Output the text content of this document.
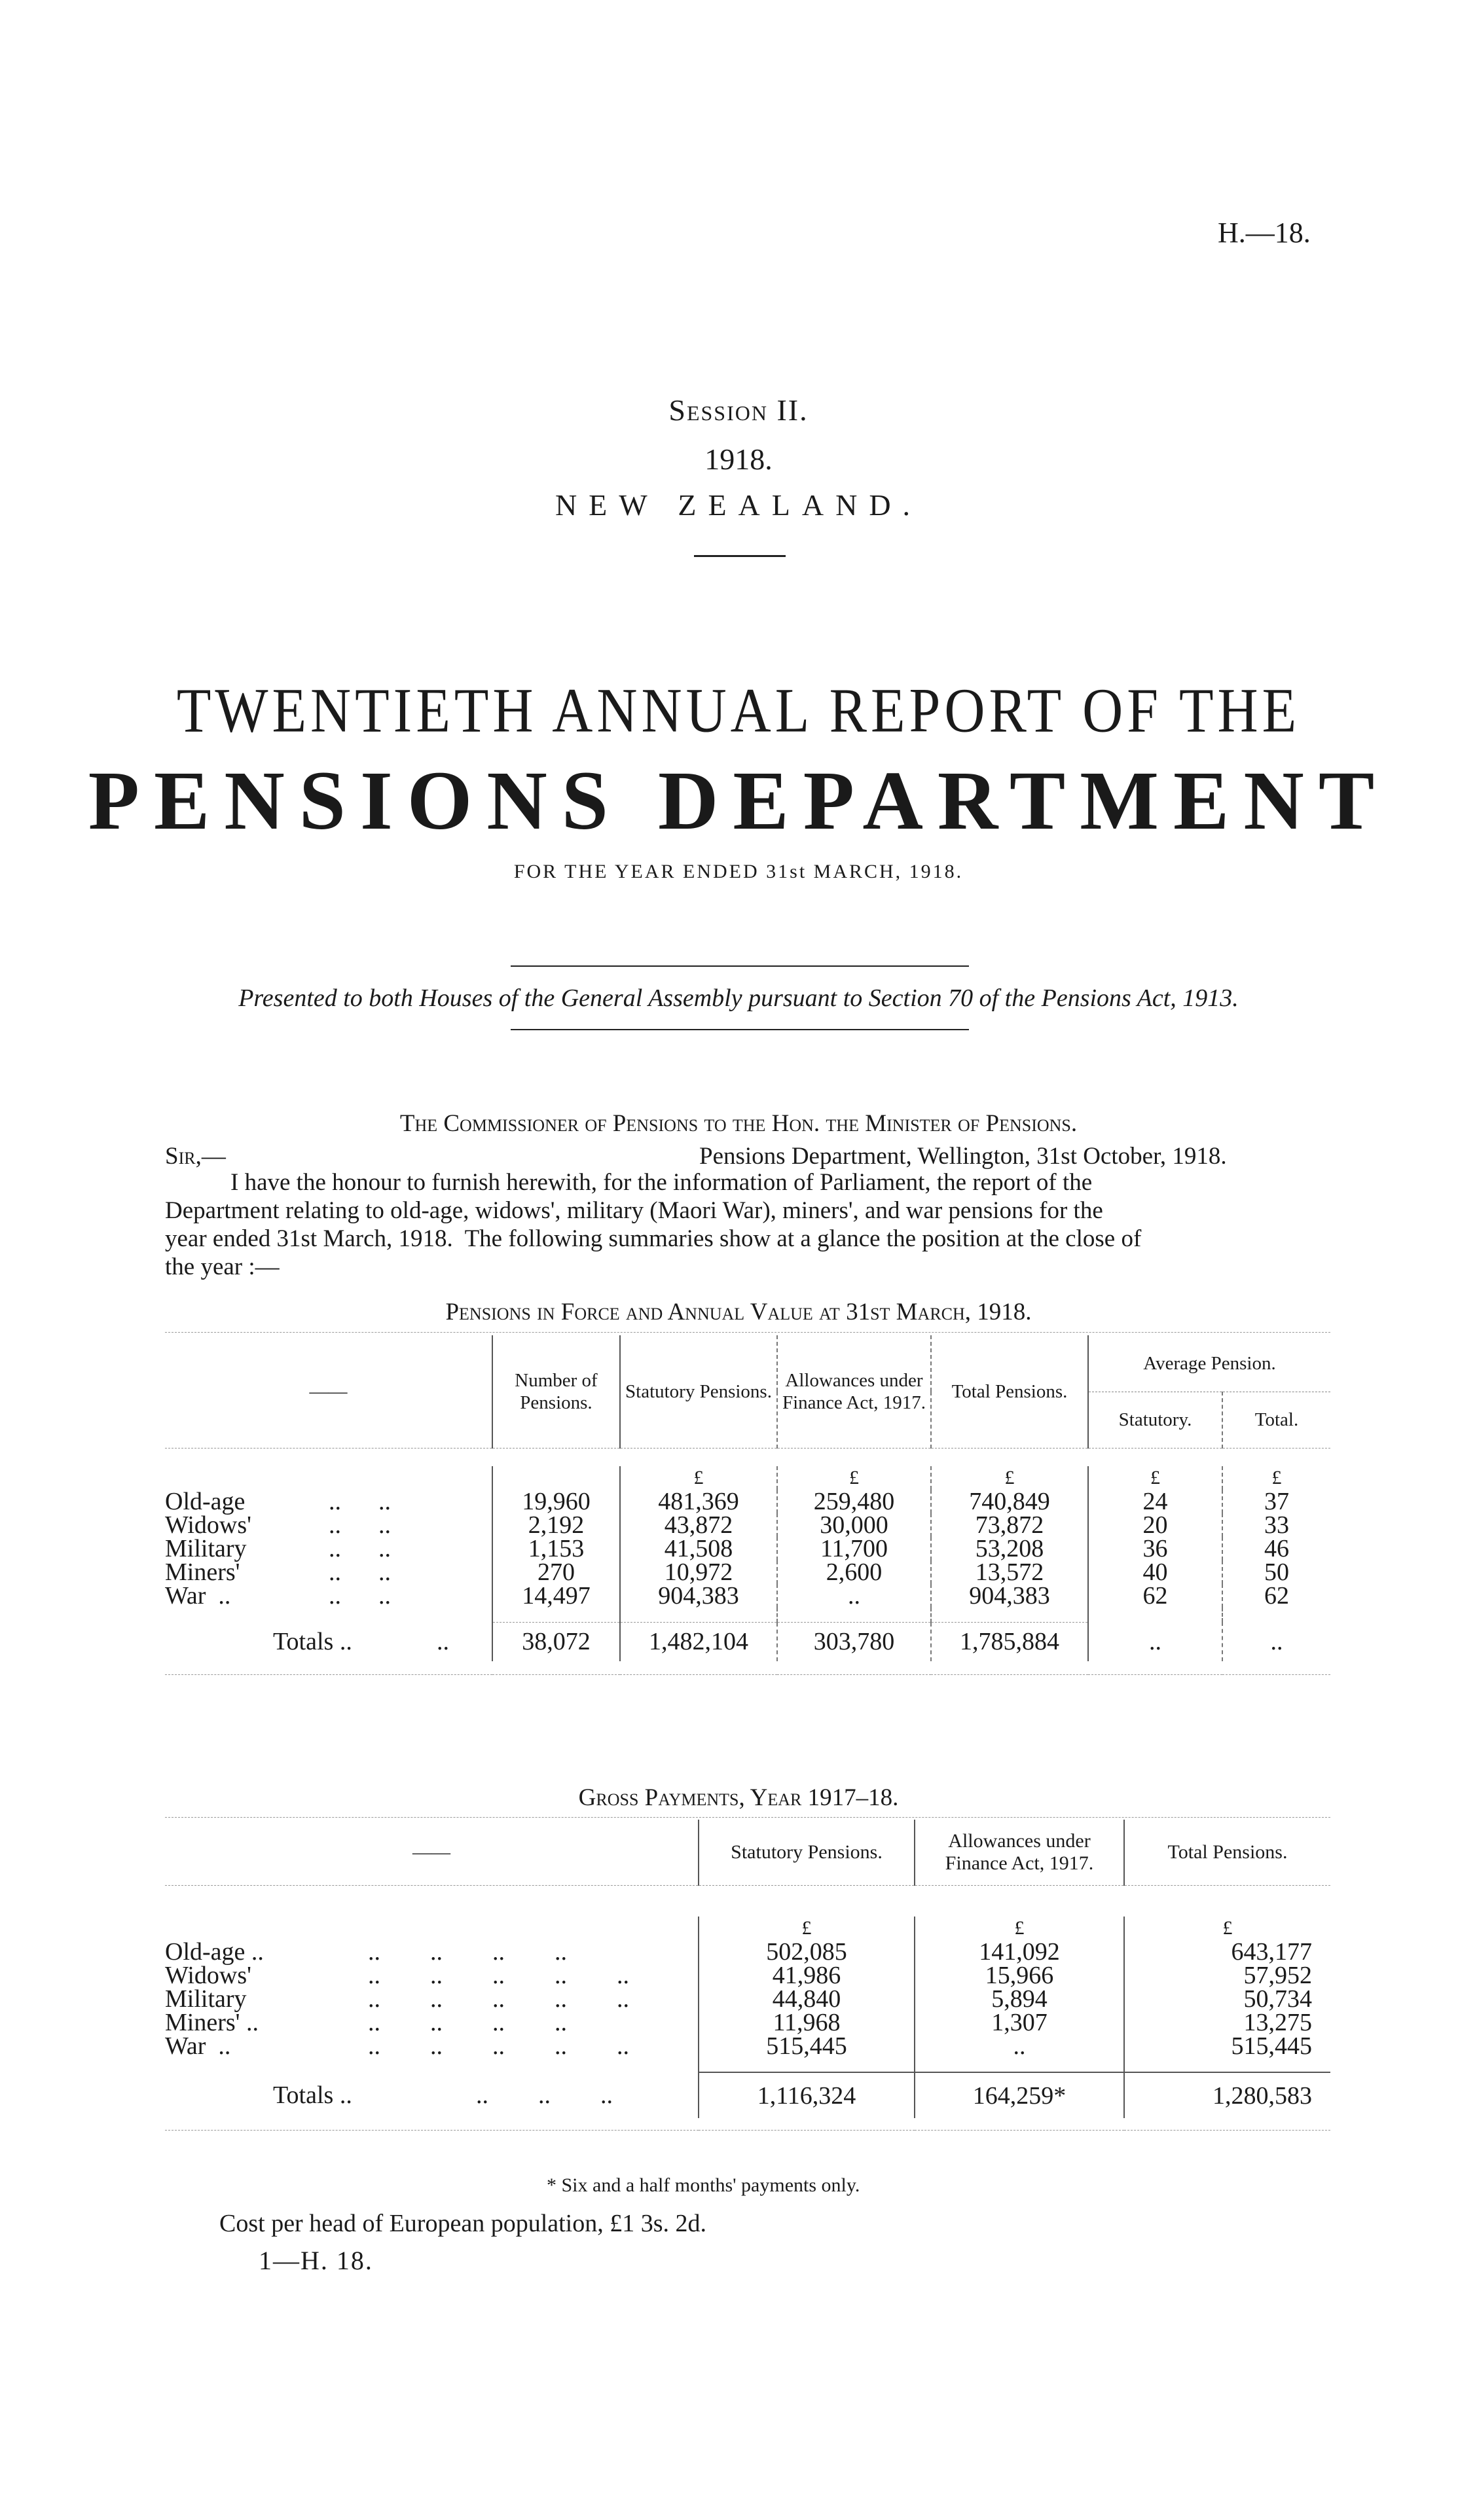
H.—18.
Session II.
1918.
NEW ZEALAND.
TWENTIETH ANNUAL REPORT OF THE
PENSIONS DEPARTMENT
FOR THE YEAR ENDED 31st MARCH, 1918.
Presented to both Houses of the General Assembly pursuant to Section 70 of the Pensions Act, 1913.
The Commissioner of Pensions to the Hon. the Minister of Pensions.
Sir,—	Pensions Department, Wellington, 31st October, 1918.
I have the honour to furnish herewith, for the information of Parliament, the report of the
Department relating to old-age, widows', military (Maori War), miners', and war pensions for the
year ended 31st March, 1918.  The following summaries show at a glance the position at the close of
the year :—
Pensions in Force and Annual Value at 31st March, 1918.
——	Number of Pensions.	Statutory Pensions.	Allowances under Finance Act, 1917.	Total Pensions.	Average Pension.	
					Statutory.	Total.

		£	£	£	£	£
Old-age ..      ..	19,960	481,369	259,480	740,849	24	37
Widows' ..      ..	2,192	43,872	30,000	73,872	20	33
Military ..      ..	1,153	41,508	11,700	53,208	36	46
Miners' ..      ..	270	10,972	2,600	13,572	40	50
War  .. ..      ..	14,497	904,383	..	904,383	62	62

Totals .. ..	38,072	1,482,104	303,780	1,785,884	..	..

Gross Payments, Year 1917–18.
——	Statutory Pensions.	Allowances under Finance Act, 1917.	Total Pensions.

	£	£	£
Old-age .. ..        ..        ..        ..	502,085	141,092	643,177
Widows' ..        ..        ..        ..        ..	41,986	15,966	57,952
Military ..        ..        ..        ..        ..	44,840	5,894	50,734
Miners' .. ..        ..        ..        ..	11,968	1,307	13,275
War  .. ..        ..        ..        ..        ..	515,445	..	515,445

Totals .. ..        ..        ..	1,116,324	164,259*	1,280,583

* Six and a half months' payments only.
Cost per head of European population, £1 3s. 2d.
1—H. 18.
